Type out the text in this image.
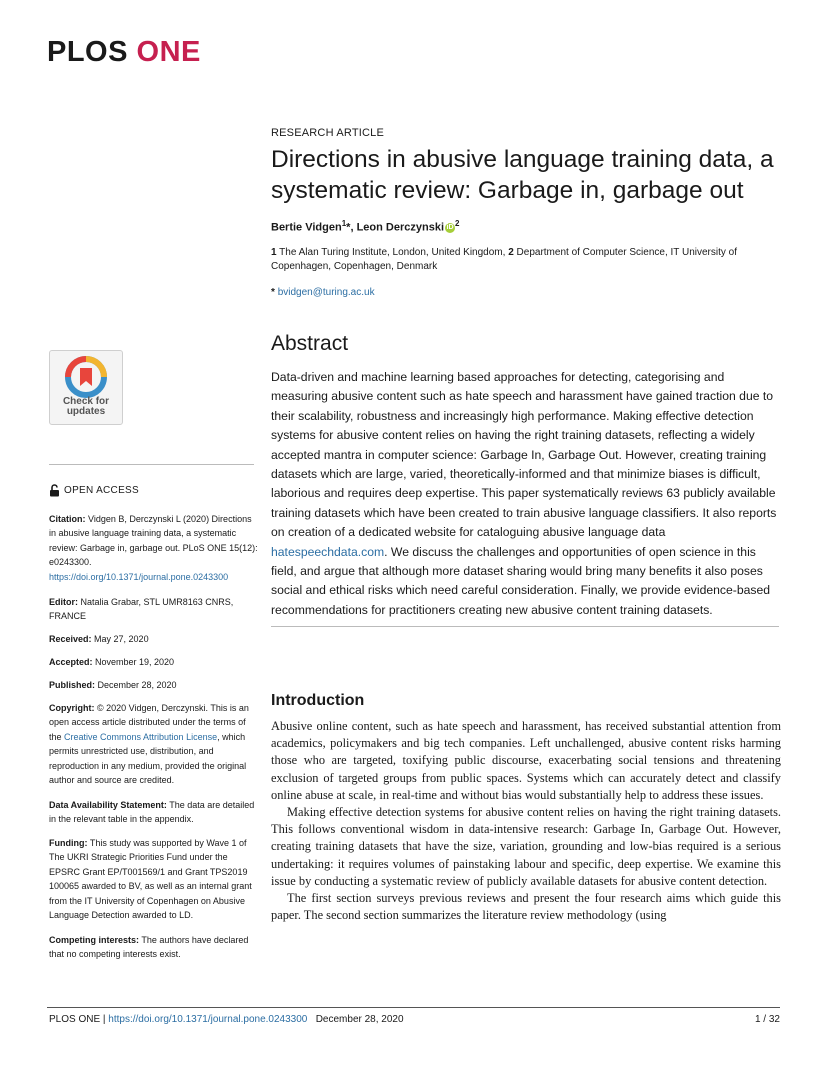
PLOS ONE
RESEARCH ARTICLE
Directions in abusive language training data, a systematic review: Garbage in, garbage out
Bertie Vidgen$^1$*, Leon Derczynski iD $^2$
1 The Alan Turing Institute, London, United Kingdom, 2 Department of Computer Science, IT University of Copenhagen, Copenhagen, Denmark
* bvidgen@turing.ac.uk
Abstract

Data-driven and machine learning based approaches for detecting, categorising and measuring abusive content such as hate speech and harassment have gained traction due to their scalability, robustness and increasingly high performance. Making effective detection systems for abusive content relies on having the right training datasets, reflecting a widely accepted mantra in computer science: Garbage In, Garbage Out. However, creating training datasets which are large, varied, theoretically-informed and that minimize biases is difficult, laborious and requires deep expertise. This paper systematically reviews 63 publicly available training datasets which have been created to train abusive language classifiers. It also reports on creation of a dedicated website for cataloguing abusive language data hatespeechdata.com. We discuss the challenges and opportunities of open science in this field, and argue that although more dataset sharing would bring many benefits it also poses social and ethical risks which need careful consideration. Finally, we provide evidence-based recommendations for practitioners creating new abusive content training datasets.

Introduction

Abusive online content, such as hate speech and harassment, has received substantial attention from academics, policymakers and big tech companies. Left unchallenged, abusive content risks harming those who are targeted, toxifying public discourse, exacerbating social tensions and threatening exclusion of targeted groups from public spaces. Systems which can accurately detect and classify online abuse at scale, in real-time and without bias would substantially help to address these issues.

Making effective detection systems for abusive content relies on having the right training datasets. This follows conventional wisdom in data-intensive research: Garbage In, Garbage Out. However, creating training datasets that have the size, variation, grounding and low-bias required is a serious undertaking: it requires volumes of painstaking labour and specific, deep expertise. We examine this issue by conducting a systematic review of publicly available datasets for abusive content detection.

The first section surveys previous reviews and present the four research aims which guide this paper. The second section summarizes the literature review methodology (using

Check for
updates
OPEN ACCESS

Citation: Vidgen B, Derczynski L (2020) Directions in abusive language training data, a systematic review: Garbage in, garbage out. PLoS ONE 15(12): e0243300. https://doi.org/10.1371/journal.pone.0243300

Editor: Natalia Grabar, STL UMR8163 CNRS, FRANCE

Received: May 27, 2020

Accepted: November 19, 2020

Published: December 28, 2020

Copyright: © 2020 Vidgen, Derczynski. This is an open access article distributed under the terms of the Creative Commons Attribution License, which permits unrestricted use, distribution, and reproduction in any medium, provided the original author and source are credited.

Data Availability Statement: The data are detailed in the relevant table in the appendix.

Funding: This study was supported by Wave 1 of The UKRI Strategic Priorities Fund under the EPSRC Grant EP/T001569/1 and Grant TPS2019 100065 awarded to BV, as well as an internal grant from the IT University of Copenhagen on Abusive Language Detection awarded to LD.

Competing interests: The authors have declared that no competing interests exist.

PLOS ONE | https://doi.org/10.1371/journal.pone.0243300 December 28, 2020	1 / 32
